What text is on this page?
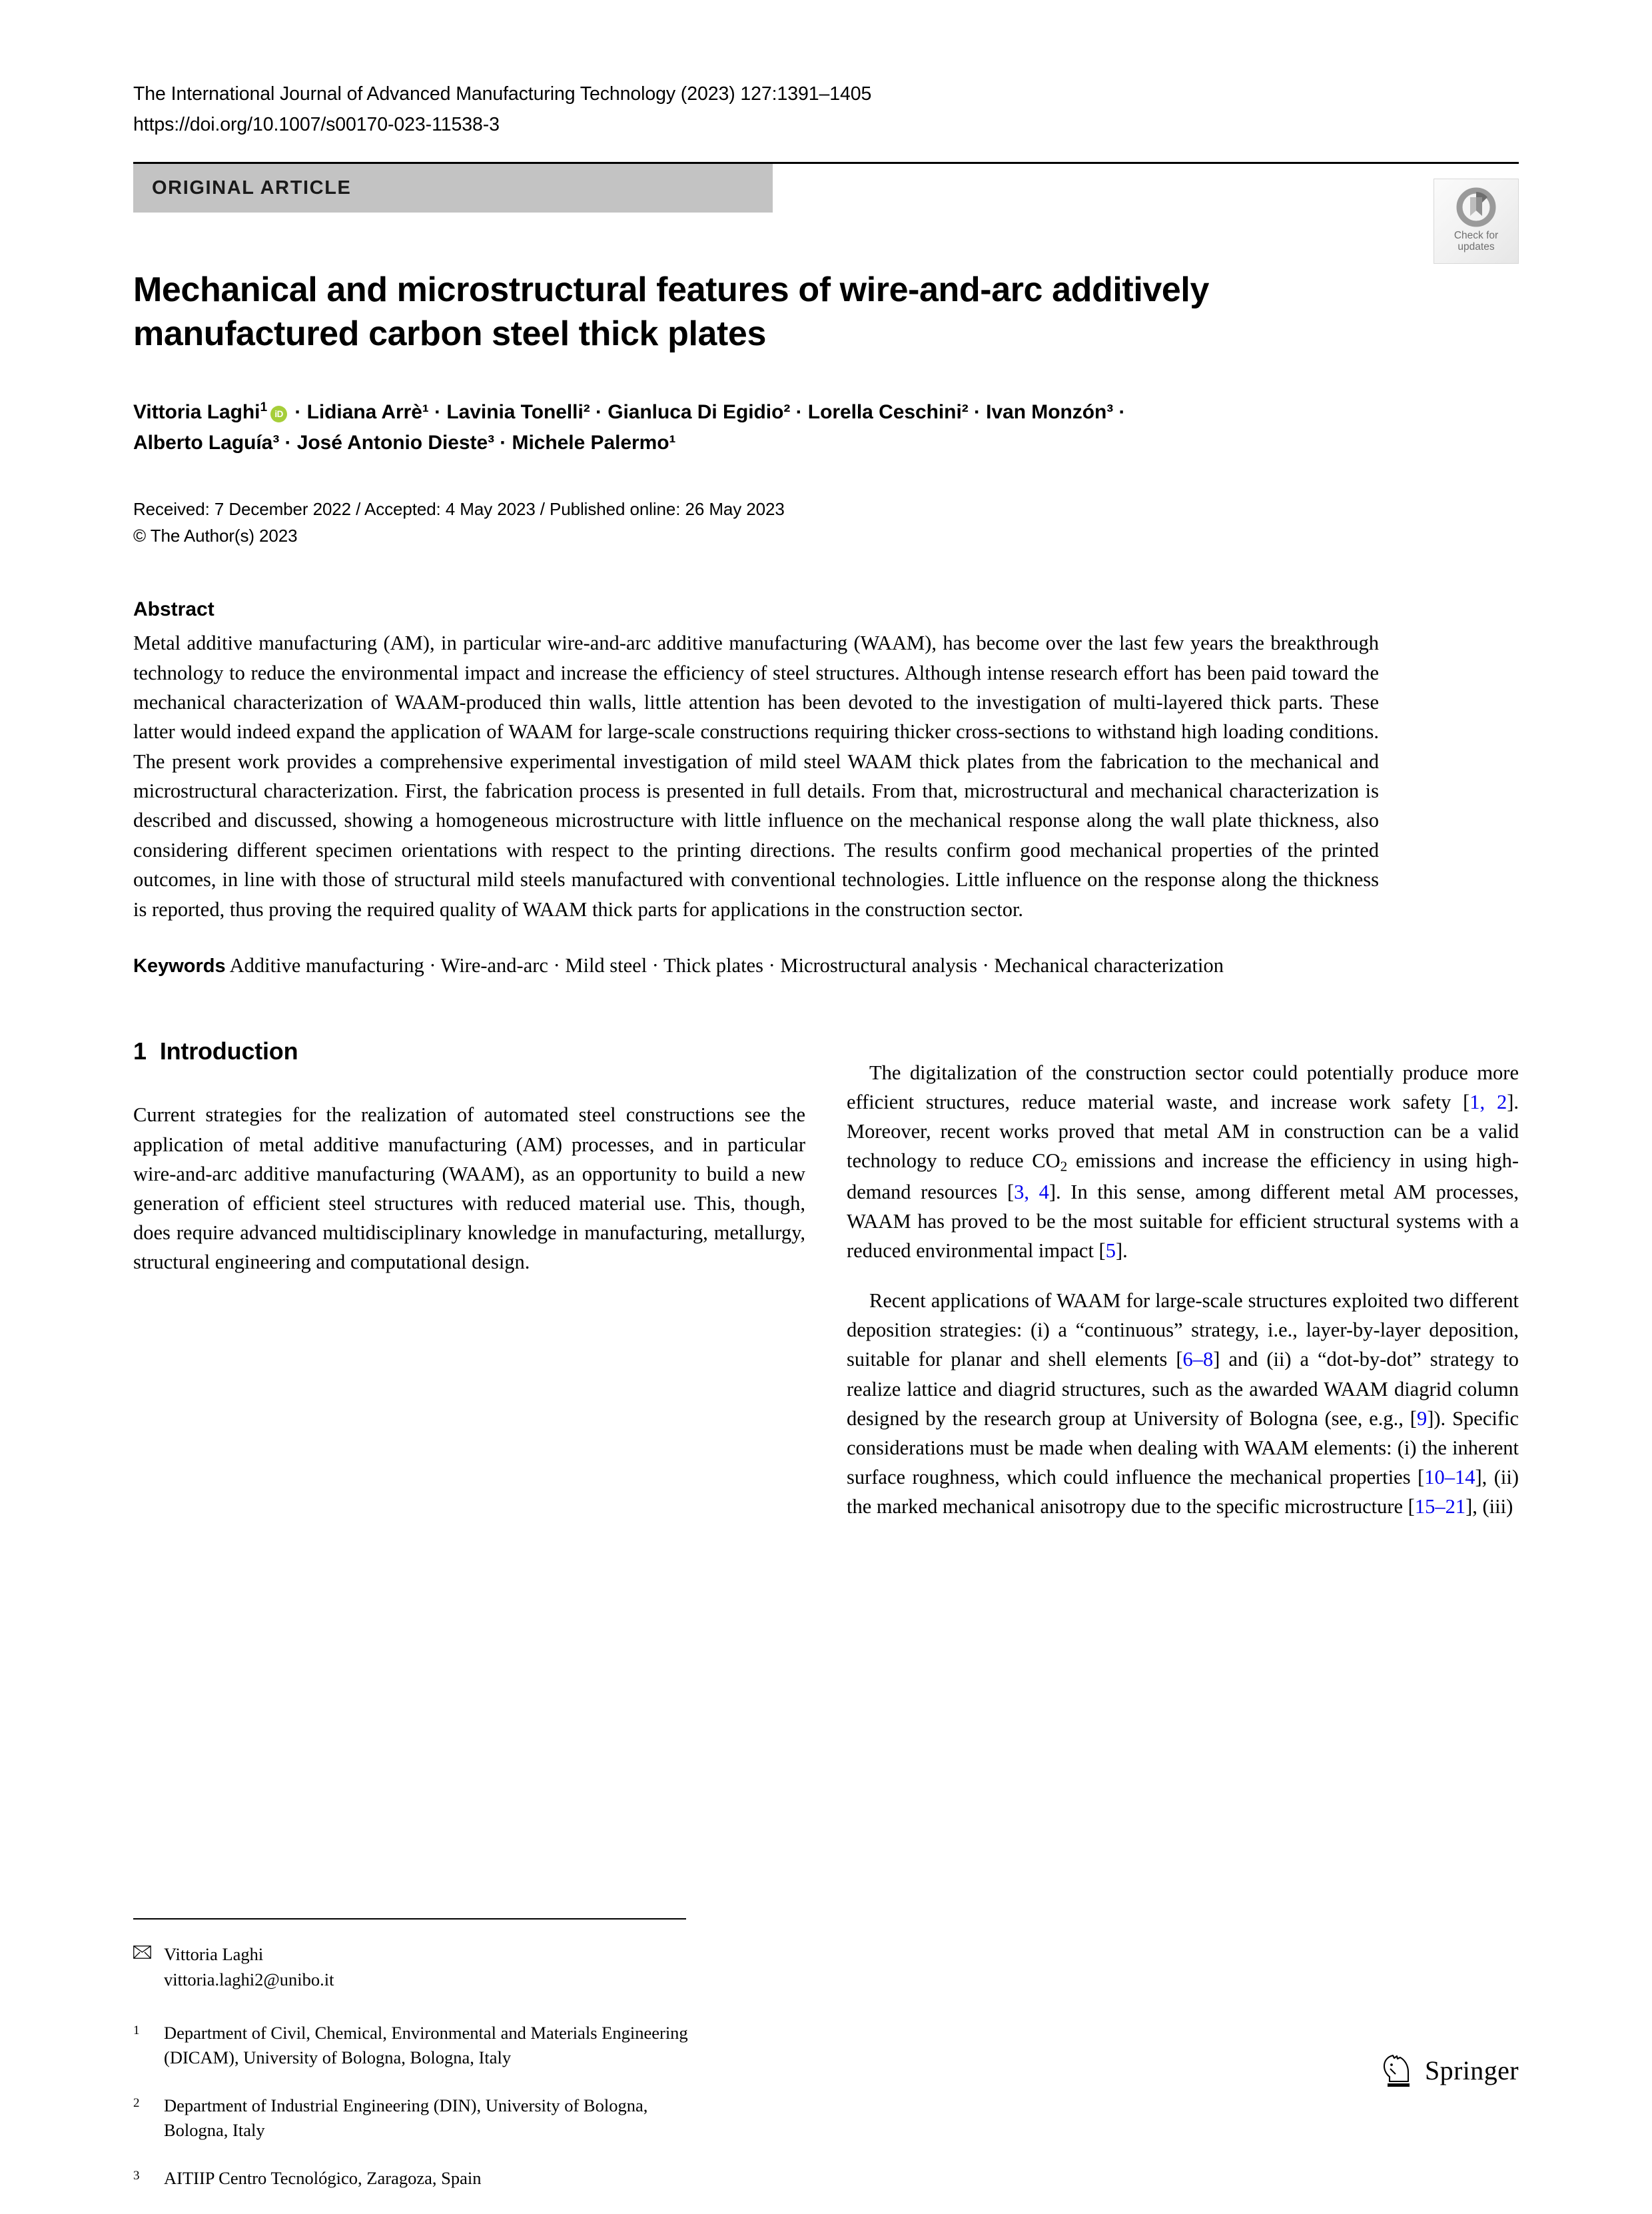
The International Journal of Advanced Manufacturing Technology (2023) 127:1391–1405
https://doi.org/10.1007/s00170-023-11538-3
ORIGINAL ARTICLE
Check for
updates
Mechanical and microstructural features of wire-and-arc additively manufactured carbon steel thick plates
Vittoria Laghi$^1$ iD · Lidiana Arrè¹ · Lavinia Tonelli² · Gianluca Di Egidio² · Lorella Ceschini² · Ivan Monzón³ ·
Alberto Laguía³ · José Antonio Dieste³ · Michele Palermo¹
Received: 7 December 2022 / Accepted: 4 May 2023 / Published online: 26 May 2023
© The Author(s) 2023
Abstract
Metal additive manufacturing (AM), in particular wire-and-arc additive manufacturing (WAAM), has become over the last few years the breakthrough technology to reduce the environmental impact and increase the efficiency of steel structures. Although intense research effort has been paid toward the mechanical characterization of WAAM-produced thin walls, little attention has been devoted to the investigation of multi-layered thick parts. These latter would indeed expand the application of WAAM for large-scale constructions requiring thicker cross-sections to withstand high loading conditions. The present work provides a comprehensive experimental investigation of mild steel WAAM thick plates from the fabrication to the mechanical and microstructural characterization. First, the fabrication process is presented in full details. From that, microstructural and mechanical characterization is described and discussed, showing a homogeneous microstructure with little influence on the mechanical response along the wall plate thickness, also considering different specimen orientations with respect to the printing directions. The results confirm good mechanical properties of the printed outcomes, in line with those of structural mild steels manufactured with conventional technologies. Little influence on the response along the thickness is reported, thus proving the required quality of WAAM thick parts for applications in the construction sector.
Keywords Additive manufacturing · Wire-and-arc · Mild steel · Thick plates · Microstructural analysis · Mechanical characterization
1 Introduction

Current strategies for the realization of automated steel constructions see the application of metal additive manufacturing (AM) processes, and in particular wire-and-arc additive manufacturing (WAAM), as an opportunity to build a new generation of efficient steel structures with reduced material use. This, though, does require advanced multidisciplinary knowledge in manufacturing, metallurgy, structural engineering and computational design.

Vittoria Laghi
vittoria.laghi2@unibo.it
1	Department of Civil, Chemical, Environmental and Materials Engineering (DICAM), University of Bologna, Bologna, Italy
2	Department of Industrial Engineering (DIN), University of Bologna, Bologna, Italy
3	AITIIP Centro Tecnológico, Zaragoza, Spain

The digitalization of the construction sector could potentially produce more efficient structures, reduce material waste, and increase work safety [1, 2]. Moreover, recent works proved that metal AM in construction can be a valid technology to reduce $CO_2$ emissions and increase the efficiency in using high-demand resources [3, 4]. In this sense, among different metal AM processes, WAAM has proved to be the most suitable for efficient structural systems with a reduced environmental impact [5].

Recent applications of WAAM for large-scale structures exploited two different deposition strategies: (i) a “continuous” strategy, i.e., layer-by-layer deposition, suitable for planar and shell elements [6–8] and (ii) a “dot-by-dot” strategy to realize lattice and diagrid structures, such as the awarded WAAM diagrid column designed by the research group at University of Bologna (see, e.g., [9]). Specific considerations must be made when dealing with WAAM elements: (i) the inherent surface roughness, which could influence the mechanical properties [10–14], (ii) the marked mechanical anisotropy due to the specific microstructure [15–21], (iii)

Springer
